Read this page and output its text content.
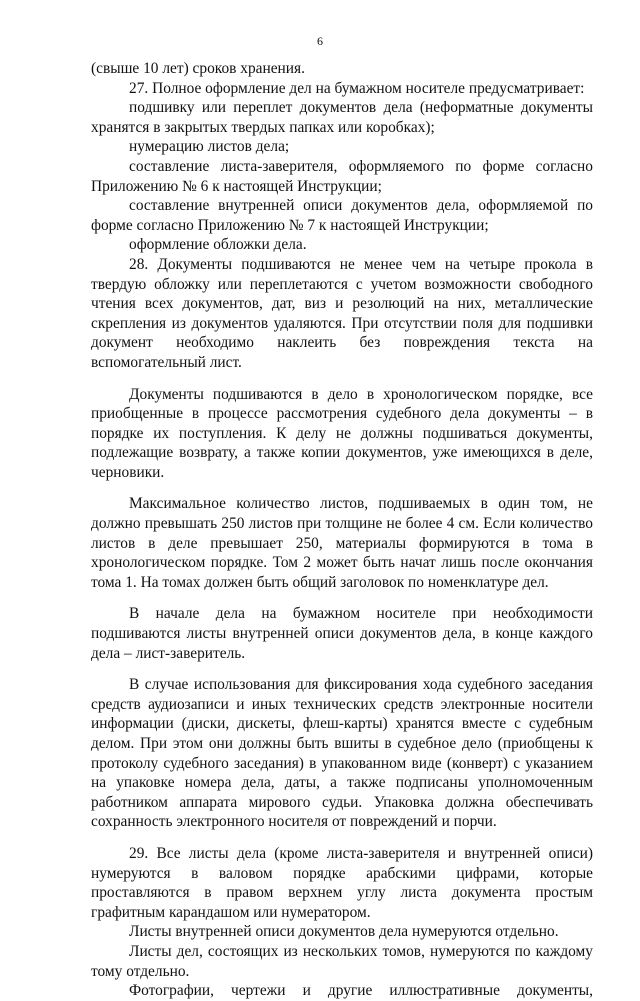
6

(свыше 10 лет) сроков хранения.

27. Полное оформление дел на бумажном носителе предусматривает:

подшивку или переплет документов дела (неформатные документы хранятся в закрытых твердых папках или коробках);

нумерацию листов дела;

составление листа-заверителя, оформляемого по форме согласно Приложению № 6 к настоящей Инструкции;

составление внутренней описи документов дела, оформляемой по форме согласно Приложению № 7 к настоящей Инструкции;

оформление обложки дела.

28. Документы подшиваются не менее чем на четыре прокола в твердую обложку или переплетаются с учетом возможности свободного чтения всех документов, дат, виз и резолюций на них, металлические скрепления из документов удаляются. При отсутствии поля для подшивки документ необходимо наклеить без повреждения текста на вспомогательный лист.

Документы подшиваются в дело в хронологическом порядке, все приобщенные в процессе рассмотрения судебного дела документы – в порядке их поступления. К делу не должны подшиваться документы, подлежащие возврату, а также копии документов, уже имеющихся в деле, черновики.

Максимальное количество листов, подшиваемых в один том, не должно превышать 250 листов при толщине не более 4 см. Если количество листов в деле превышает 250, материалы формируются в тома в хронологическом порядке. Том 2 может быть начат лишь после окончания тома 1. На томах должен быть общий заголовок по номенклатуре дел.

В начале дела на бумажном носителе при необходимости подшиваются листы внутренней описи документов дела, в конце каждого дела – лист-заверитель.

В случае использования для фиксирования хода судебного заседания средств аудиозаписи и иных технических средств электронные носители информации (диски, дискеты, флеш-карты) хранятся вместе с судебным делом. При этом они должны быть вшиты в судебное дело (приобщены к протоколу судебного заседания) в упакованном виде (конверт) с указанием на упаковке номера дела, даты, а также подписаны уполномоченным работником аппарата мирового судьи. Упаковка должна обеспечивать сохранность электронного носителя от повреждений и порчи.

29. Все листы дела (кроме листа-заверителя и внутренней описи) нумеруются в валовом порядке арабскими цифрами, которые проставляются в правом верхнем углу листа документа простым графитным карандашом или нумератором.

Листы внутренней описи документов дела нумеруются отдельно.

Листы дел, состоящих из нескольких томов, нумеруются по каждому тому отдельно.

Фотографии, чертежи и другие иллюстративные документы,
